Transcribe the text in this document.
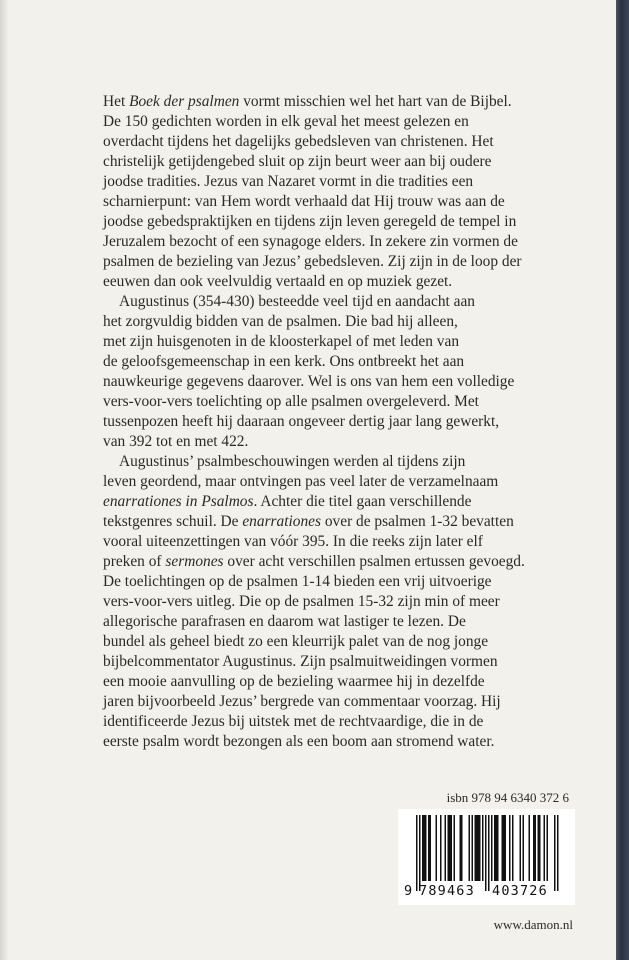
Het Boek der psalmen vormt misschien wel het hart van de Bijbel.
De 150 gedichten worden in elk geval het meest gelezen en
overdacht tijdens het dagelijks gebedsleven van christenen. Het
christelijk getijdengebed sluit op zijn beurt weer aan bij oudere
joodse tradities. Jezus van Nazaret vormt in die tradities een
scharnierpunt: van Hem wordt verhaald dat Hij trouw was aan de
joodse gebedspraktijken en tijdens zijn leven geregeld de tempel in
Jeruzalem bezocht of een synagoge elders. In zekere zin vormen de
psalmen de bezieling van Jezus’ gebedsleven. Zij zijn in de loop der
eeuwen dan ook veelvuldig vertaald en op muziek gezet.

Augustinus (354-430) besteedde veel tijd en aandacht aan
het zorgvuldig bidden van de psalmen. Die bad hij alleen,
met zijn huisgenoten in de kloosterkapel of met leden van
de geloofsgemeenschap in een kerk. Ons ontbreekt het aan
nauwkeurige gegevens daarover. Wel is ons van hem een volledige
vers-voor-vers toelichting op alle psalmen overgeleverd. Met
tussenpozen heeft hij daaraan ongeveer dertig jaar lang gewerkt,
van 392 tot en met 422.

Augustinus’ psalmbeschouwingen werden al tijdens zijn
leven geordend, maar ontvingen pas veel later de verzamelnaam
enarrationes in Psalmos. Achter die titel gaan verschillende
tekstgenres schuil. De enarrationes over de psalmen 1-32 bevatten
vooral uiteenzettingen van vóór 395. In die reeks zijn later elf
preken of sermones over acht verschillen psalmen ertussen gevoegd.
De toelichtingen op de psalmen 1-14 bieden een vrij uitvoerige
vers-voor-vers uitleg. Die op de psalmen 15-32 zijn min of meer
allegorische parafrasen en daarom wat lastiger te lezen. De
bundel als geheel biedt zo een kleurrijk palet van de nog jonge
bijbelcommentator Augustinus. Zijn psalmuitweidingen vormen
een mooie aanvulling op de bezieling waarmee hij in dezelfde
jaren bijvoorbeeld Jezus’ bergrede van commentaar voorzag. Hij
identificeerde Jezus bij uitstek met de rechtvaardige, die in de
eerste psalm wordt bezongen als een boom aan stromend water.

isbn 978 94 6340 372 6
9 789463 403726
www.damon.nl
